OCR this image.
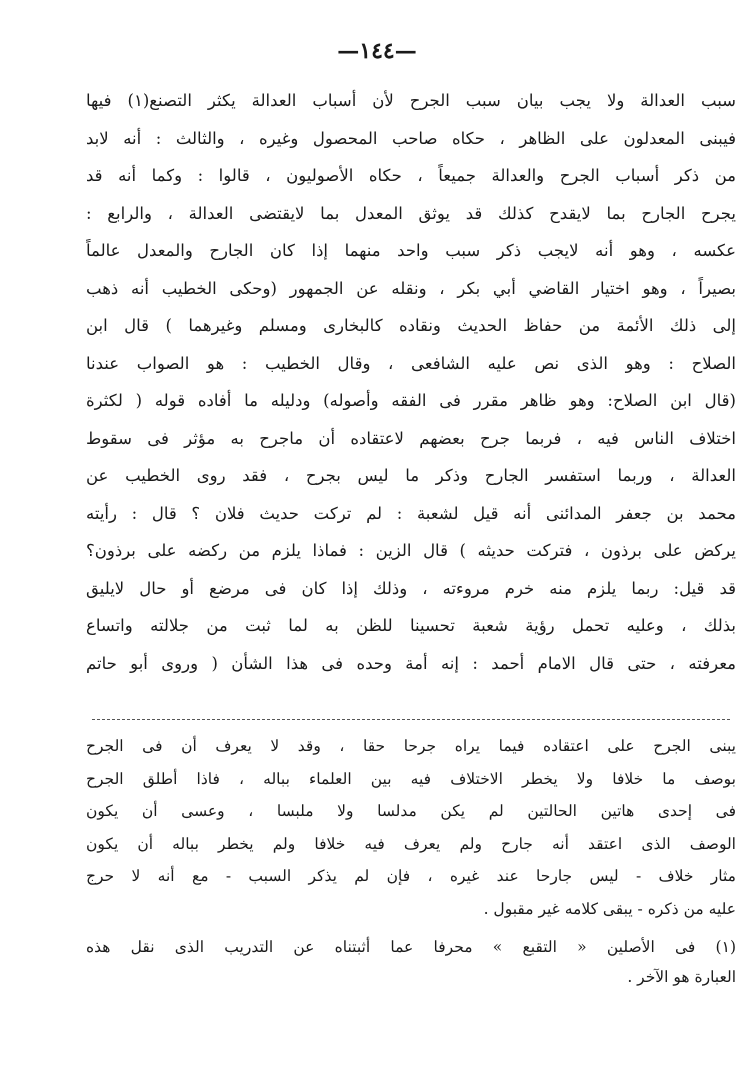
—١٤٤—
سبب العدالة ولا يجب بيان سبب الجرح لأن أسباب العدالة يكثر التصنع(١) فيها
فيبنى المعدلون على الظاهر ، حكاه صاحب المحصول وغيره ، والثالث : أنه لابد
من ذكر أسباب الجرح والعدالة جميعاً ، حكاه الأصوليون ، قالوا : وكما أنه قد
يجرح الجارح بما لايقدح كذلك قد يوثق المعدل بما لايقتضى العدالة ، والرابع :
عكسه ، وهو أنه لايجب ذكر سبب واحد منهما إذا كان الجارح والمعدل عالماً
بصيراً ، وهو اختيار القاضي أبي بكر ، ونقله عن الجمهور (وحكى الخطيب أنه ذهب
إلى ذلك الأئمة من حفاظ الحديث ونقاده كالبخارى ومسلم وغيرهما ) قال ابن
الصلاح : وهو الذى نص عليه الشافعى ، وقال الخطيب : هو الصواب عندنا
(قال ابن الصلاح: وهو ظاهر مقرر فى الفقه وأصوله) ودليله ما أفاده قوله ( لكثرة
اختلاف الناس فيه ، فربما جرح بعضهم لاعتقاده أن ماجرح به مؤثر فى سقوط
العدالة ، وربما استفسر الجارح وذكر ما ليس بجرح ، فقد روى الخطيب عن
محمد بن جعفر المدائنى أنه قيل لشعبة : لم تركت حديث فلان ؟ قال : رأيته
يركض على برذون ، فتركت حديثه ) قال الزين : فماذا يلزم من ركضه على برذون؟
قد قيل: ربما يلزم منه خرم مروءته ، وذلك إذا كان فى مرضع أو حال لايليق
بذلك ، وعليه تحمل رؤية شعبة تحسينا للظن به لما ثبت من جلالته واتساع
معرفته ، حتى قال الامام أحمد : إنه أمة وحده فى هذا الشأن ( وروى أبو حاتم
يبنى الجرح على اعتقاده فيما يراه جرحا حقا ، وقد لا يعرف أن فى الجرح
بوصف ما خلافا ولا يخطر الاختلاف فيه بين العلماء بباله ، فاذا أطلق الجرح
فى إحدى هاتين الحالتين لم يكن مدلسا ولا ملبسا ، وعسى أن يكون
الوصف الذى اعتقد أنه جارح ولم يعرف فيه خلافا ولم يخطر بباله أن يكون
مثار خلاف - ليس جارحا عند غيره ، فإن لم يذكر السبب - مع أنه لا حرج
عليه من ذكره - يبقى كلامه غير مقبول .
(١) فى الأصلين « التقبع » محرفا عما أثبتناه عن التدريب الذى نقل هذه
العبارة هو الآخر .
